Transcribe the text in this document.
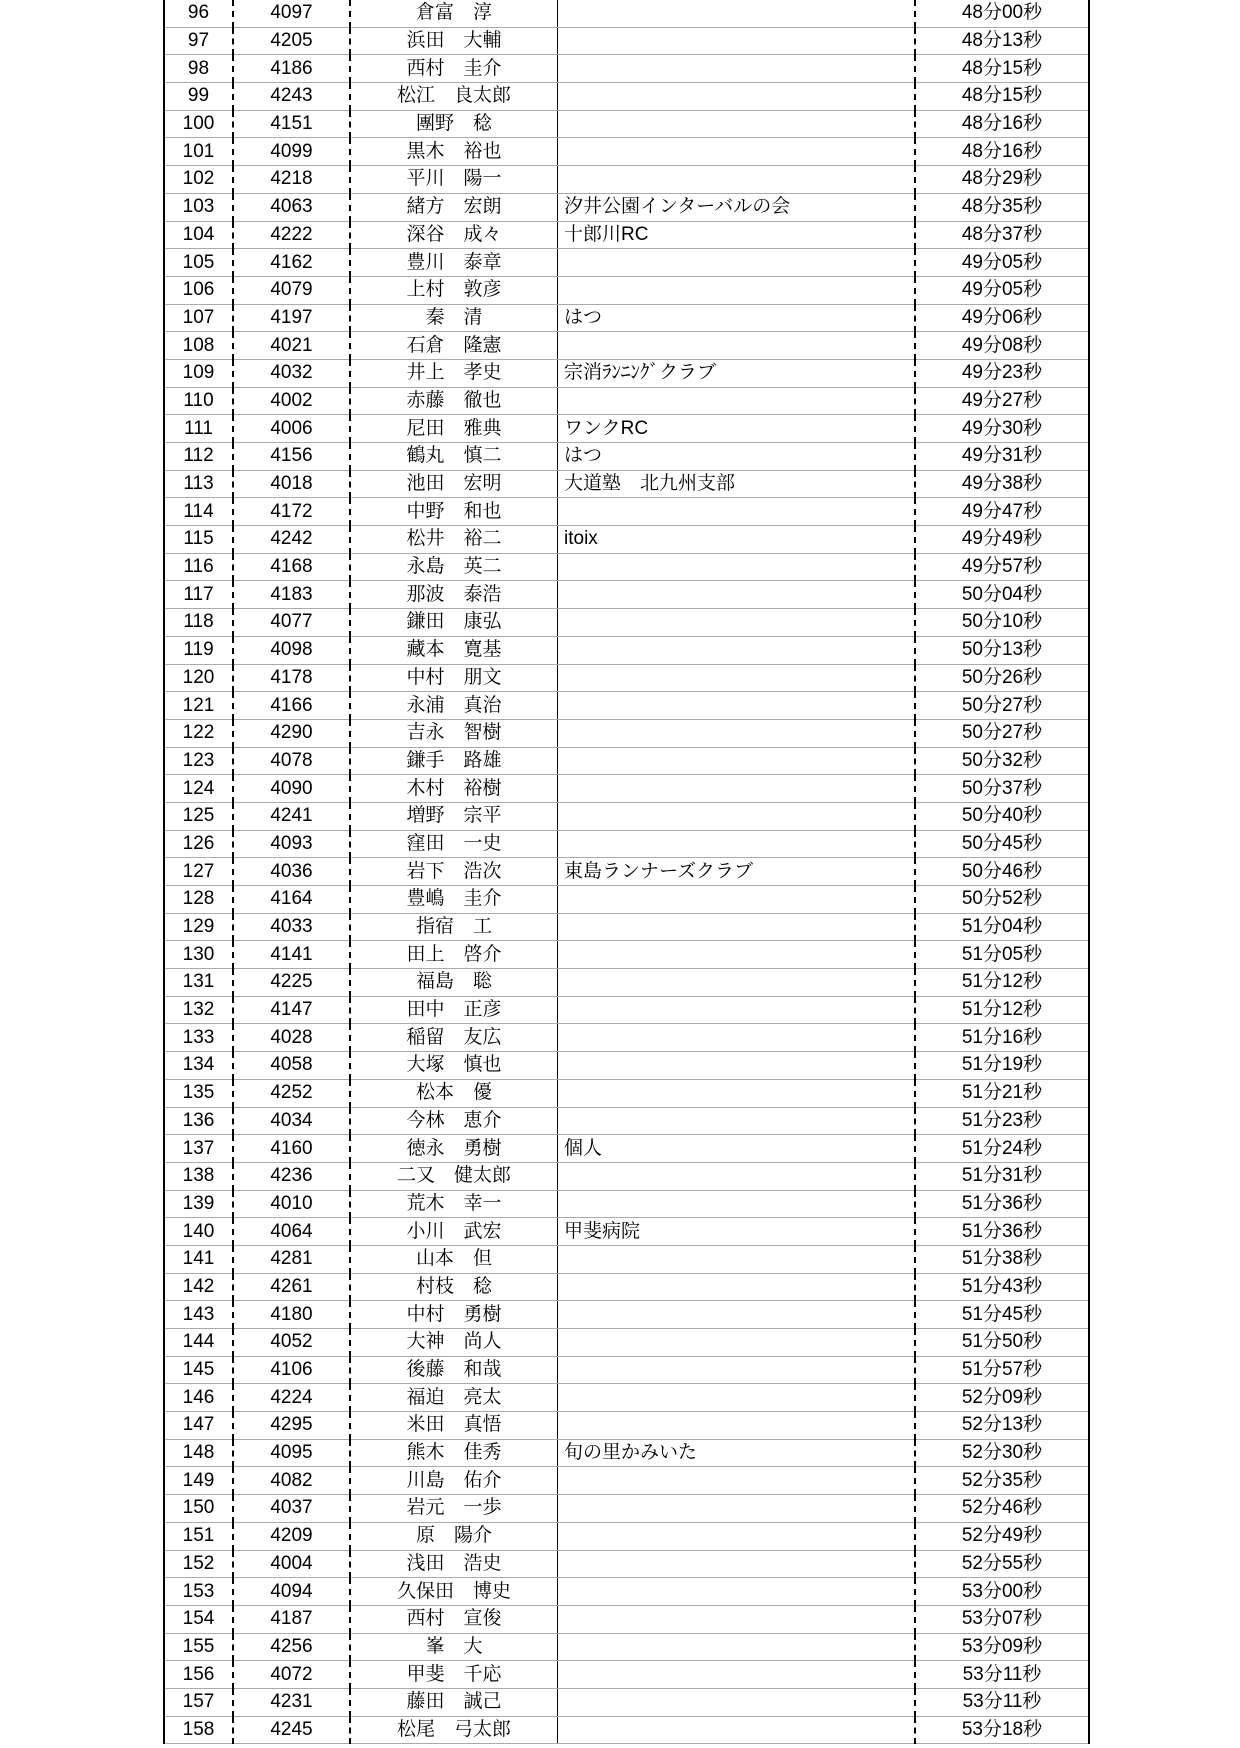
96	4097	倉富　淳		48分00秒
97	4205	浜田　大輔		48分13秒
98	4186	西村　圭介		48分15秒
99	4243	松江　良太郎		48分15秒
100	4151	團野　稔		48分16秒
101	4099	黒木　裕也		48分16秒
102	4218	平川　陽一		48分29秒
103	4063	緒方　宏朗	汐井公園インターバルの会	48分35秒
104	4222	深谷　成々	十郎川RC	48分37秒
105	4162	豊川　泰章		49分05秒
106	4079	上村　敦彦		49分05秒
107	4197	秦　清	はつ	49分06秒
108	4021	石倉　隆憲		49分08秒
109	4032	井上　孝史	宗消ﾗﾝﾆﾝｸﾞクラブ	49分23秒
110	4002	赤藤　徹也		49分27秒
111	4006	尼田　雅典	ワンクRC	49分30秒
112	4156	鶴丸　慎二	はつ	49分31秒
113	4018	池田　宏明	大道塾　北九州支部	49分38秒
114	4172	中野　和也		49分47秒
115	4242	松井　裕二	itoix	49分49秒
116	4168	永島　英二		49分57秒
117	4183	那波　泰浩		50分04秒
118	4077	鎌田　康弘		50分10秒
119	4098	藏本　寛基		50分13秒
120	4178	中村　朋文		50分26秒
121	4166	永浦　真治		50分27秒
122	4290	吉永　智樹		50分27秒
123	4078	鎌手　路雄		50分32秒
124	4090	木村　裕樹		50分37秒
125	4241	増野　宗平		50分40秒
126	4093	窪田　一史		50分45秒
127	4036	岩下　浩次	東島ランナーズクラブ	50分46秒
128	4164	豊嶋　圭介		50分52秒
129	4033	指宿　工		51分04秒
130	4141	田上　啓介		51分05秒
131	4225	福島　聡		51分12秒
132	4147	田中　正彦		51分12秒
133	4028	稲留　友広		51分16秒
134	4058	大塚　慎也		51分19秒
135	4252	松本　優		51分21秒
136	4034	今林　恵介		51分23秒
137	4160	徳永　勇樹	個人	51分24秒
138	4236	二又　健太郎		51分31秒
139	4010	荒木　幸一		51分36秒
140	4064	小川　武宏	甲斐病院	51分36秒
141	4281	山本　但		51分38秒
142	4261	村枝　稔		51分43秒
143	4180	中村　勇樹		51分45秒
144	4052	大神　尚人		51分50秒
145	4106	後藤　和哉		51分57秒
146	4224	福迫　亮太		52分09秒
147	4295	米田　真悟		52分13秒
148	4095	熊木　佳秀	旬の里かみいた	52分30秒
149	4082	川島　佑介		52分35秒
150	4037	岩元　一歩		52分46秒
151	4209	原　陽介		52分49秒
152	4004	浅田　浩史		52分55秒
153	4094	久保田　博史		53分00秒
154	4187	西村　宣俊		53分07秒
155	4256	峯　大		53分09秒
156	4072	甲斐　千応		53分11秒
157	4231	藤田　誠己		53分11秒
158	4245	松尾　弓太郎		53分18秒
